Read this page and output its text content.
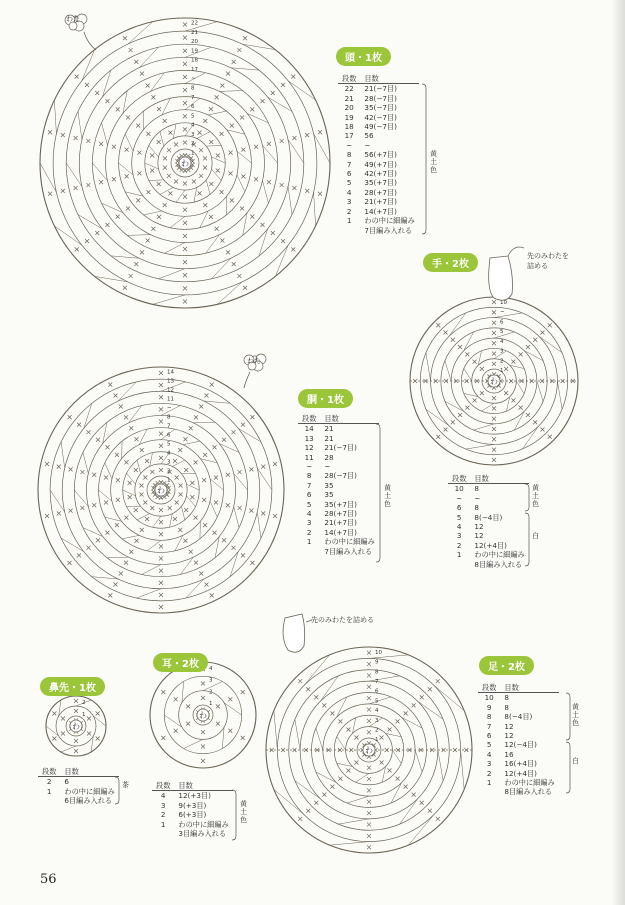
わ
22
21
20
19
18
17
~
8
7
6
5
4
3
2
1
わ
10
~
6
5
4
3
2
1
わ
14
13
12
11
~
8
7
6
5
4
3
2
1
わ
2
1	わ
4
3
2
1
わ
10
9
8
7
6
5
4
3
2
1
頭・1枚
わた
段数	目数
22	21(−7目)
21	28(−7目)
20	35(−7目)
19	42(−7目)
18	49(−7目)
17	56
~	~
8	56(+7目)
7	49(+7目)
6	42(+7目)
5	35(+7目)
4	28(+7目)
3	21(+7目)
2	14(+7目)
1	わの中に細編み
	7目編み入れる
黄土色
手・2枚
先のみわたを
詰める
段数	目数
10	8
~	~
6	8
5	8(−4目)
4	12
3	12
2	12(+4目)
1	わの中に細編み
	8目編み入れる
黄土色
白
胴・1枚
わた
段数	目数
14	21
13	21
12	21(−7目)
11	28
~	~
8	28(−7目)
7	35
6	35
5	35(+7目)
4	28(+7目)
3	21(+7目)
2	14(+7目)
1	わの中に細編み
	7目編み入れる
黄土色
鼻先・1枚
段数	目数
2	6
1	わの中に細編み
	6目編み入れる
茶
耳・2枚
段数	目数
4	12(+3目)
3	9(+3目)
2	6(+3目)
1	わの中に細編み
	3目編み入れる
黄土色
足・2枚
先のみわたを詰める
段数	目数
10	8
9	8
8	8(−4目)
7	12
6	12
5	12(−4目)
4	16
3	16(+4目)
2	12(+4目)
1	わの中に細編み
	8目編み入れる
黄土色
白
56
